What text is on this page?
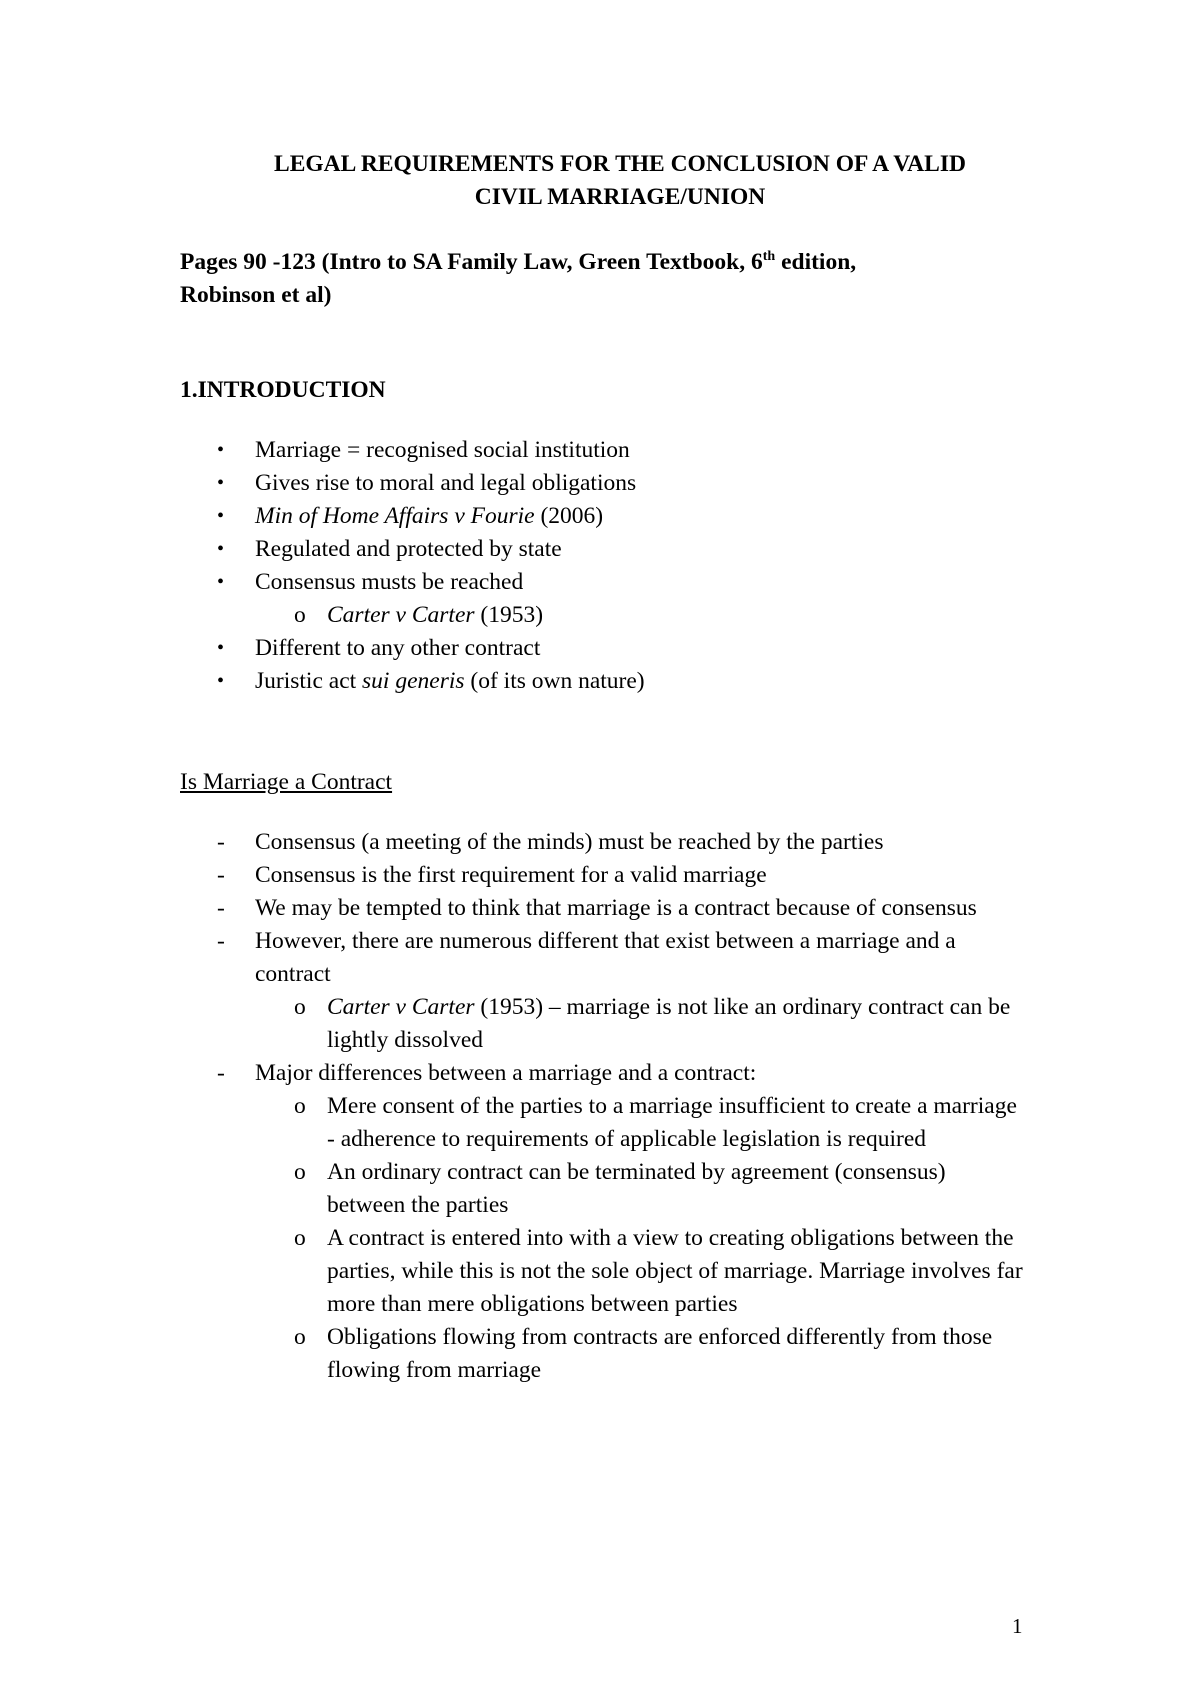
LEGAL REQUIREMENTS FOR THE CONCLUSION OF A VALID
CIVIL MARRIAGE/UNION
Pages 90 -123 (Intro to SA Family Law, Green Textbook, 6th edition,
Robinson et al)
1.INTRODUCTION
• Marriage = recognised social institution
• Gives rise to moral and legal obligations
• Min of Home Affairs v Fourie (2006)
• Regulated and protected by state
• Consensus musts be reached
o Carter v Carter (1953)
• Different to any other contract
• Juristic act sui generis (of its own nature)
Is Marriage a Contract
- Consensus (a meeting of the minds) must be reached by the parties
- Consensus is the first requirement for a valid marriage
- We may be tempted to think that marriage is a contract because of consensus
- However, there are numerous different that exist between a marriage and a contract
o Carter v Carter (1953) – marriage is not like an ordinary contract can be lightly dissolved
- Major differences between a marriage and a contract:
o Mere consent of the parties to a marriage insufficient to create a marriage - adherence to requirements of applicable legislation is required
o An ordinary contract can be terminated by agreement (consensus) between the parties
o A contract is entered into with a view to creating obligations between the parties, while this is not the sole object of marriage. Marriage involves far more than mere obligations between parties
o Obligations flowing from contracts are enforced differently from those flowing from marriage
1
